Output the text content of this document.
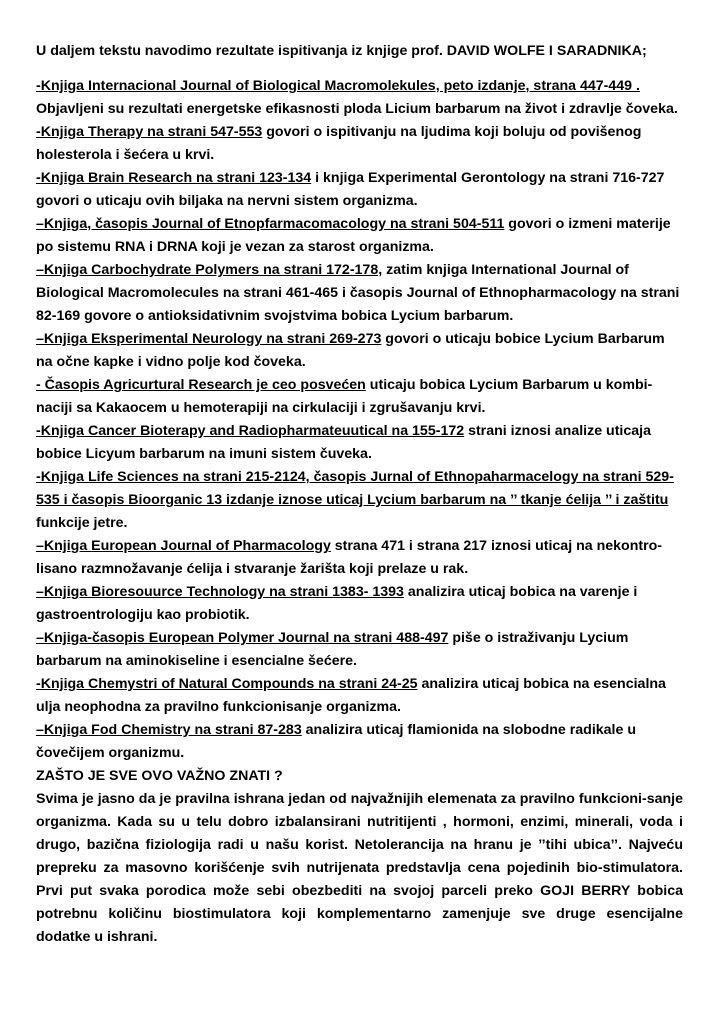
U daljem tekstu navodimo rezultate ispitivanja iz knjige prof. DAVID WOLFE I SARADNIKA;

-Knjiga Internacional Journal of Biological Macromolekules, peto izdanje, strana 447-449 . Objavljeni su rezultati energetske efikasnosti ploda Licium barbarum na život i zdravlje čoveka.

-Knjiga Therapy na strani 547-553 govori o ispitivanju na ljudima koji boluju od povišenog holesterola i šećera u krvi.

-Knjiga Brain Research na strani 123-134 i knjiga Experimental Gerontology na strani 716-727 govori o uticaju ovih biljaka na nervni sistem organizma.

–Knjiga, časopis Journal of Etnopfarmacomacology na strani 504-511 govori o izmeni materije po sistemu RNA i DRNA koji je vezan za starost organizma.

–Knjiga Carbochydrate Polymers na strani 172-178, zatim knjiga International Journal of Biological Macromolecules na strani 461-465 i časopis Journal of Ethnopharmacology na strani 82-169 govore o antioksidativnim svojstvima bobica Lycium barbarum.

–Knjiga Eksperimental Neurology na strani 269-273 govori o uticaju bobice Lycium Barbarum na očne kapke i vidno polje kod čoveka.

- Časopis Agricurtural Research je ceo posvećen uticaju bobica Lycium Barbarum u kombi-naciji sa Kakaocem u hemoterapiji na cirkulaciji i zgrušavanju krvi.

-Knjiga Cancer Bioterapy and Radiopharmateuutical na 155-172 strani iznosi analize uticaja bobice Licyum barbarum na imuni sistem čuveka.

-Knjiga Life Sciences na strani 215-2124, časopis Jurnal of Ethnopaharmacelogy na strani 529-535 i časopis Bioorganic 13 izdanje iznose uticaj Lycium barbarum na ’’ tkanje ćelija ’’ i zaštitu funkcije jetre.

–Knjiga European Journal of Pharmacology strana 471 i strana 217 iznosi uticaj na nekontro-lisano razmnožavanje ćelija i stvaranje žarišta koji prelaze u rak.

–Knjiga Bioresouurce Technology na strani 1383- 1393 analizira uticaj bobica na varenje i gastroentrologiju kao probiotik.

–Knjiga-časopis European Polymer Journal na strani 488-497 piše o istraživanju Lycium barbarum na aminokiseline i esencialne šećere.

-Knjiga Chemystri of Natural Compounds na strani 24-25 analizira uticaj bobica na esencialna ulja neophodna za pravilno funkcionisanje organizma.

–Knjiga Fod Chemistry na strani 87-283 analizira uticaj flamionida na slobodne radikale u čovečijem organizmu.

ZAŠTO JE SVE OVO VAŽNO ZNATI ?

Svima je jasno da je pravilna ishrana jedan od najvažnijih elemenata za pravilno funkcioni-sanje organizma. Kada su u telu dobro izbalansirani nutritijenti , hormoni, enzimi, minerali, voda i drugo, bazična fiziologija radi u našu korist. Netolerancija na hranu je ’’tihi ubica’’. Najveću prepreku za masovno korišćenje svih nutrijenata predstavlja cena pojedinih bio-stimulatora. Prvi put svaka porodica može sebi obezbediti na svojoj parceli preko GOJI BERRY bobica potrebnu količinu biostimulatora koji komplementarno zamenjuje sve druge esencijalne dodatke u ishrani.
